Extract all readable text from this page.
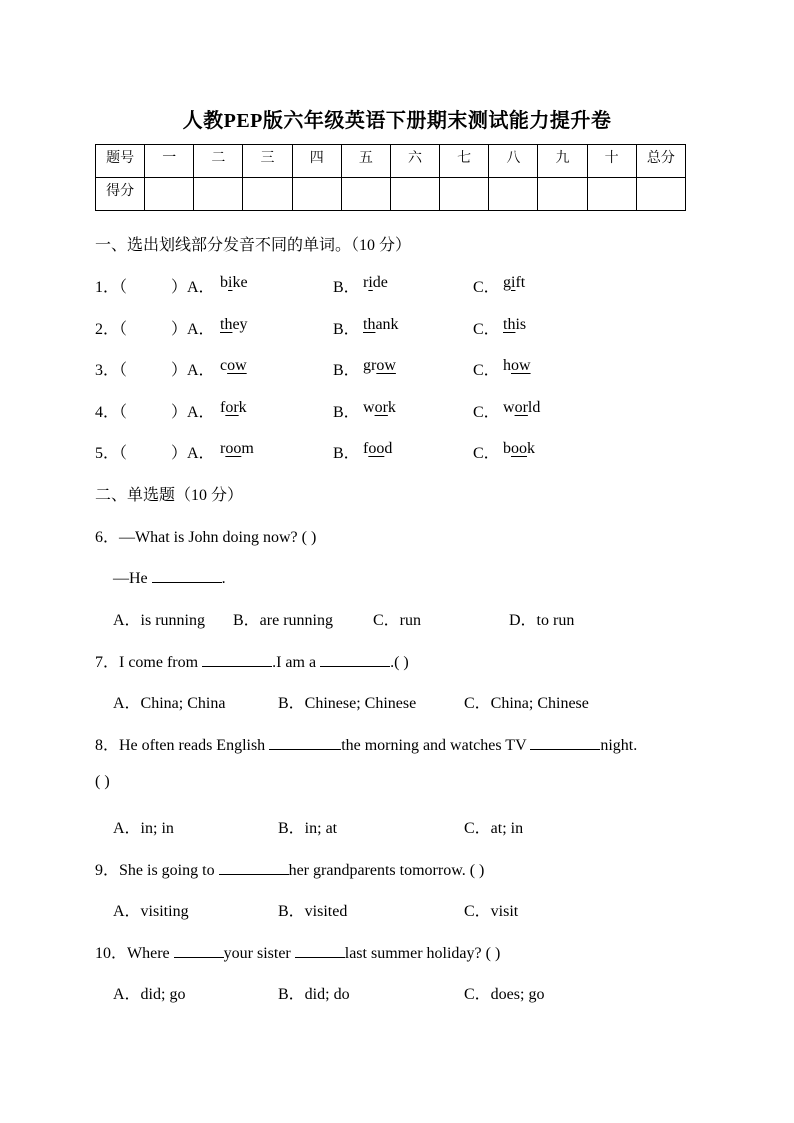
人教PEP版六年级英语下册期末测试能力提升卷
题号	一	二	三	四	五	六	七	八	九	十	总分
得分											
一、选出划线部分发音不同的单词。（10 分）
1．（	）A． bike	B． ride	C． gift
2．（	）A． they	B． thank	C． this
3．（	）A． cow	B． grow	C． how
4．（	）A． fork	B． work	C． world
5．（	）A． room	B． food	C． book
二、单选题（10 分）
6．—What is John doing now? ( )
—He	.
A．is running B．are running	C．run	D．to run
7．I come from	.I am a	.( )
A．China; China	B．Chinese; Chinese	C．China; Chinese
8．He often reads English	the morning and watches TV	night.
( )
A．in; in	B．in; at	C．at; in
9．She is going to	her grandparents tomorrow. ( )
A．visiting	B．visited	C．visit
10．Where	your sister	last summer holiday? ( )
A．did; go	B．did; do	C．does; go
